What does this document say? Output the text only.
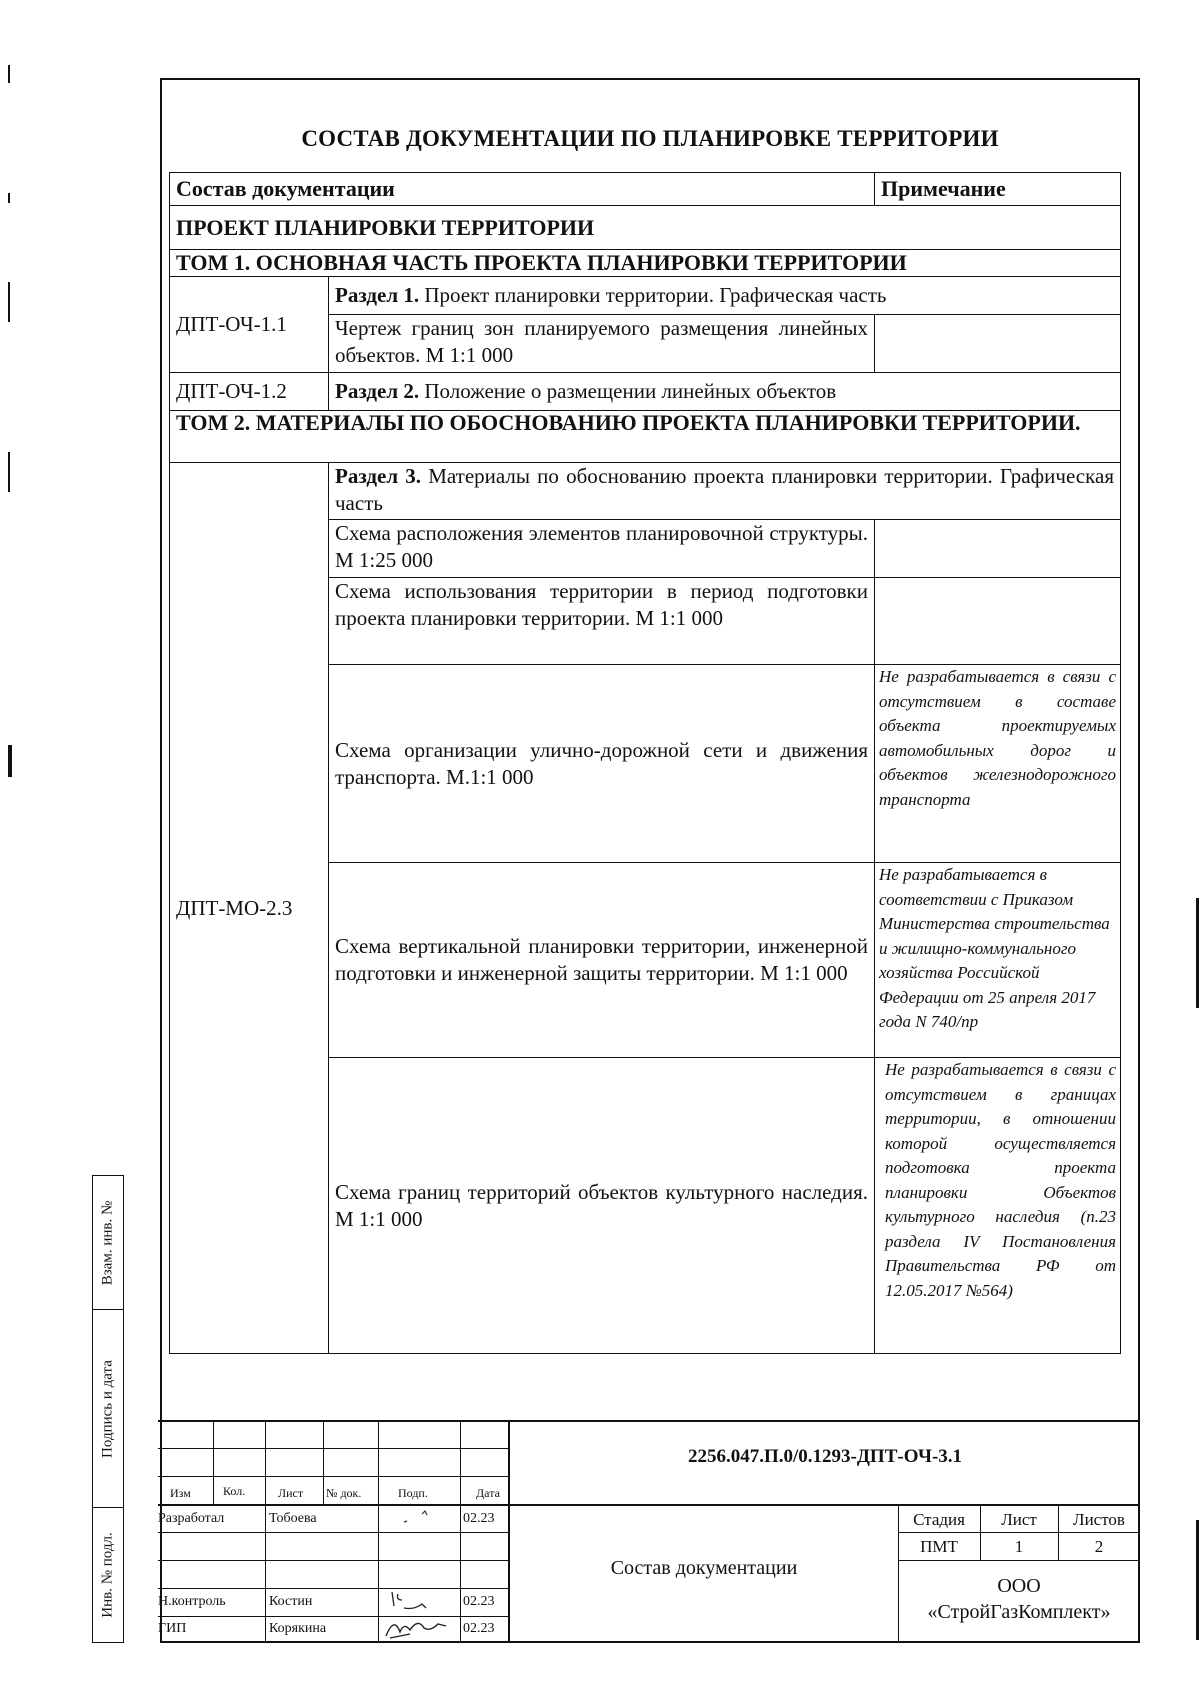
СОСТАВ ДОКУМЕНТАЦИИ ПО ПЛАНИРОВКЕ ТЕРРИТОРИИ
Состав документации		Примечание
ПРОЕКТ ПЛАНИРОВКИ ТЕРРИТОРИИ		
ТОМ 1. ОСНОВНАЯ ЧАСТЬ ПРОЕКТА ПЛАНИРОВКИ ТЕРРИТОРИИ		
ДПТ-ОЧ-1.1	Раздел 1. Проект планировки территории. Графическая часть	
	Чертеж границ зон планируемого размещения линейных объектов. М 1:1 000	
ДПТ-ОЧ-1.2	Раздел 2. Положение о размещении линейных объектов	
ТОМ 2. МАТЕРИАЛЫ ПО ОБОСНОВАНИЮ ПРОЕКТА ПЛАНИРОВКИ ТЕРРИТОРИИ.		
ДПТ-МО-2.3	Раздел 3. Материалы по обоснованию проекта планировки территории. Графическая часть	
	Схема расположения элементов планировочной структуры. М 1:25 000	
	Схема использования территории в период подготовки проекта планировки территории. М 1:1 000	
	Схема организации улично-дорожной сети и движения транспорта. М.1:1 000	Не разрабатывается в связи с отсутствием в составе объекта проектируемых автомобильных дорог и объектов железнодорожного транспорта
	Схема вертикальной планировки территории, инженерной подготовки и инженерной защиты территории. М 1:1 000	Не разрабатывается в соответствии с Приказом Министерства строительства и жилищно-коммунального хозяйства Российской Федерации от 25 апреля 2017 года N 740/пр
	Схема границ территорий объектов культурного наследия. М 1:1 000	Не разрабатывается в связи с отсутствием в границах территории, в отношении которой осуществляется подготовка проекта планировки Объектов культурного наследия (п.23 раздела IV Постановления Правительства РФ от 12.05.2017 №564)
Взам. инв. №
Подпись и дата
Инв. № подл.
Изм	Кол.	Лист № док.	Подп.	Дата
2256.047.П.0/0.1293-ДПТ-ОЧ-3.1
Разработал	Тобоева	02.23
Н.контроль	Костин	02.23
ГИП	Корякина	02.23
Состав документации
Стадия	Лист	Листов
ПМТ	1	2
ООО
«СтройГазКомплект»
